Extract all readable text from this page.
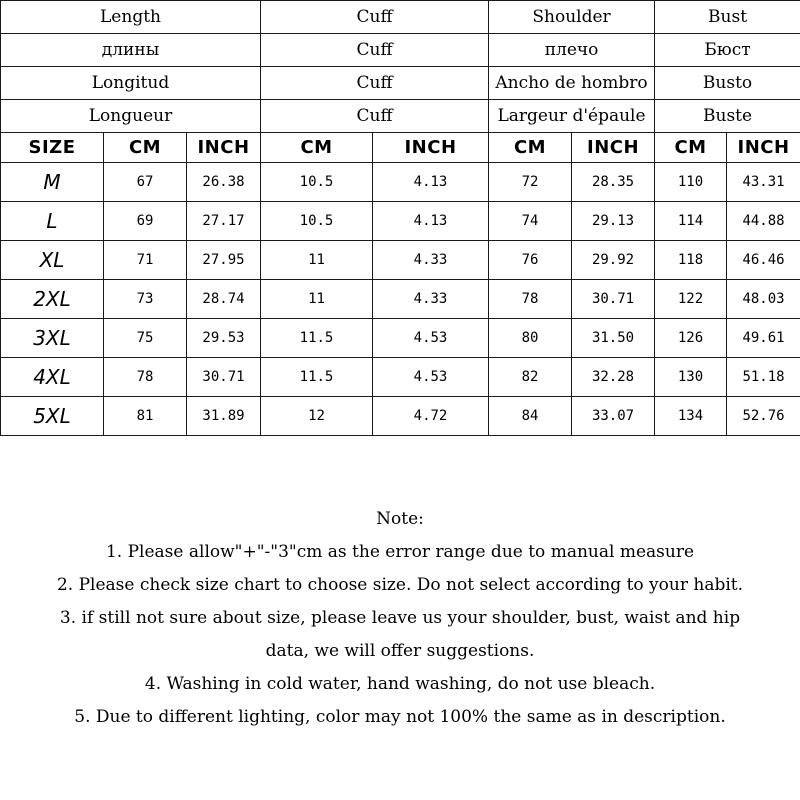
Length			Cuff		Shoulder		Bust	
длины			Cuff		плечо		Бюст	
Longitud			Cuff		Ancho de hombro		Busto	
Longueur			Cuff		Largeur d'épaule		Buste	
SIZE	CM	INCH	CM	INCH	CM	INCH	CM	INCH
M	67	26.38	10.5	4.13	72	28.35	110	43.31
L	69	27.17	10.5	4.13	74	29.13	114	44.88
XL	71	27.95	11	4.33	76	29.92	118	46.46
2XL	73	28.74	11	4.33	78	30.71	122	48.03
3XL	75	29.53	11.5	4.53	80	31.50	126	49.61
4XL	78	30.71	11.5	4.53	82	32.28	130	51.18
5XL	81	31.89	12	4.72	84	33.07	134	52.76
Note:
1. Please allow"+"-"3"cm as the error range due to manual measure
2. Please check size chart to choose size. Do not select according to your habit.
3. if still not sure about size, please leave us your shoulder, bust, waist and hip
data, we will offer suggestions.
4. Washing in cold water, hand washing, do not use bleach.
5. Due to different lighting, color may not 100% the same as in description.
